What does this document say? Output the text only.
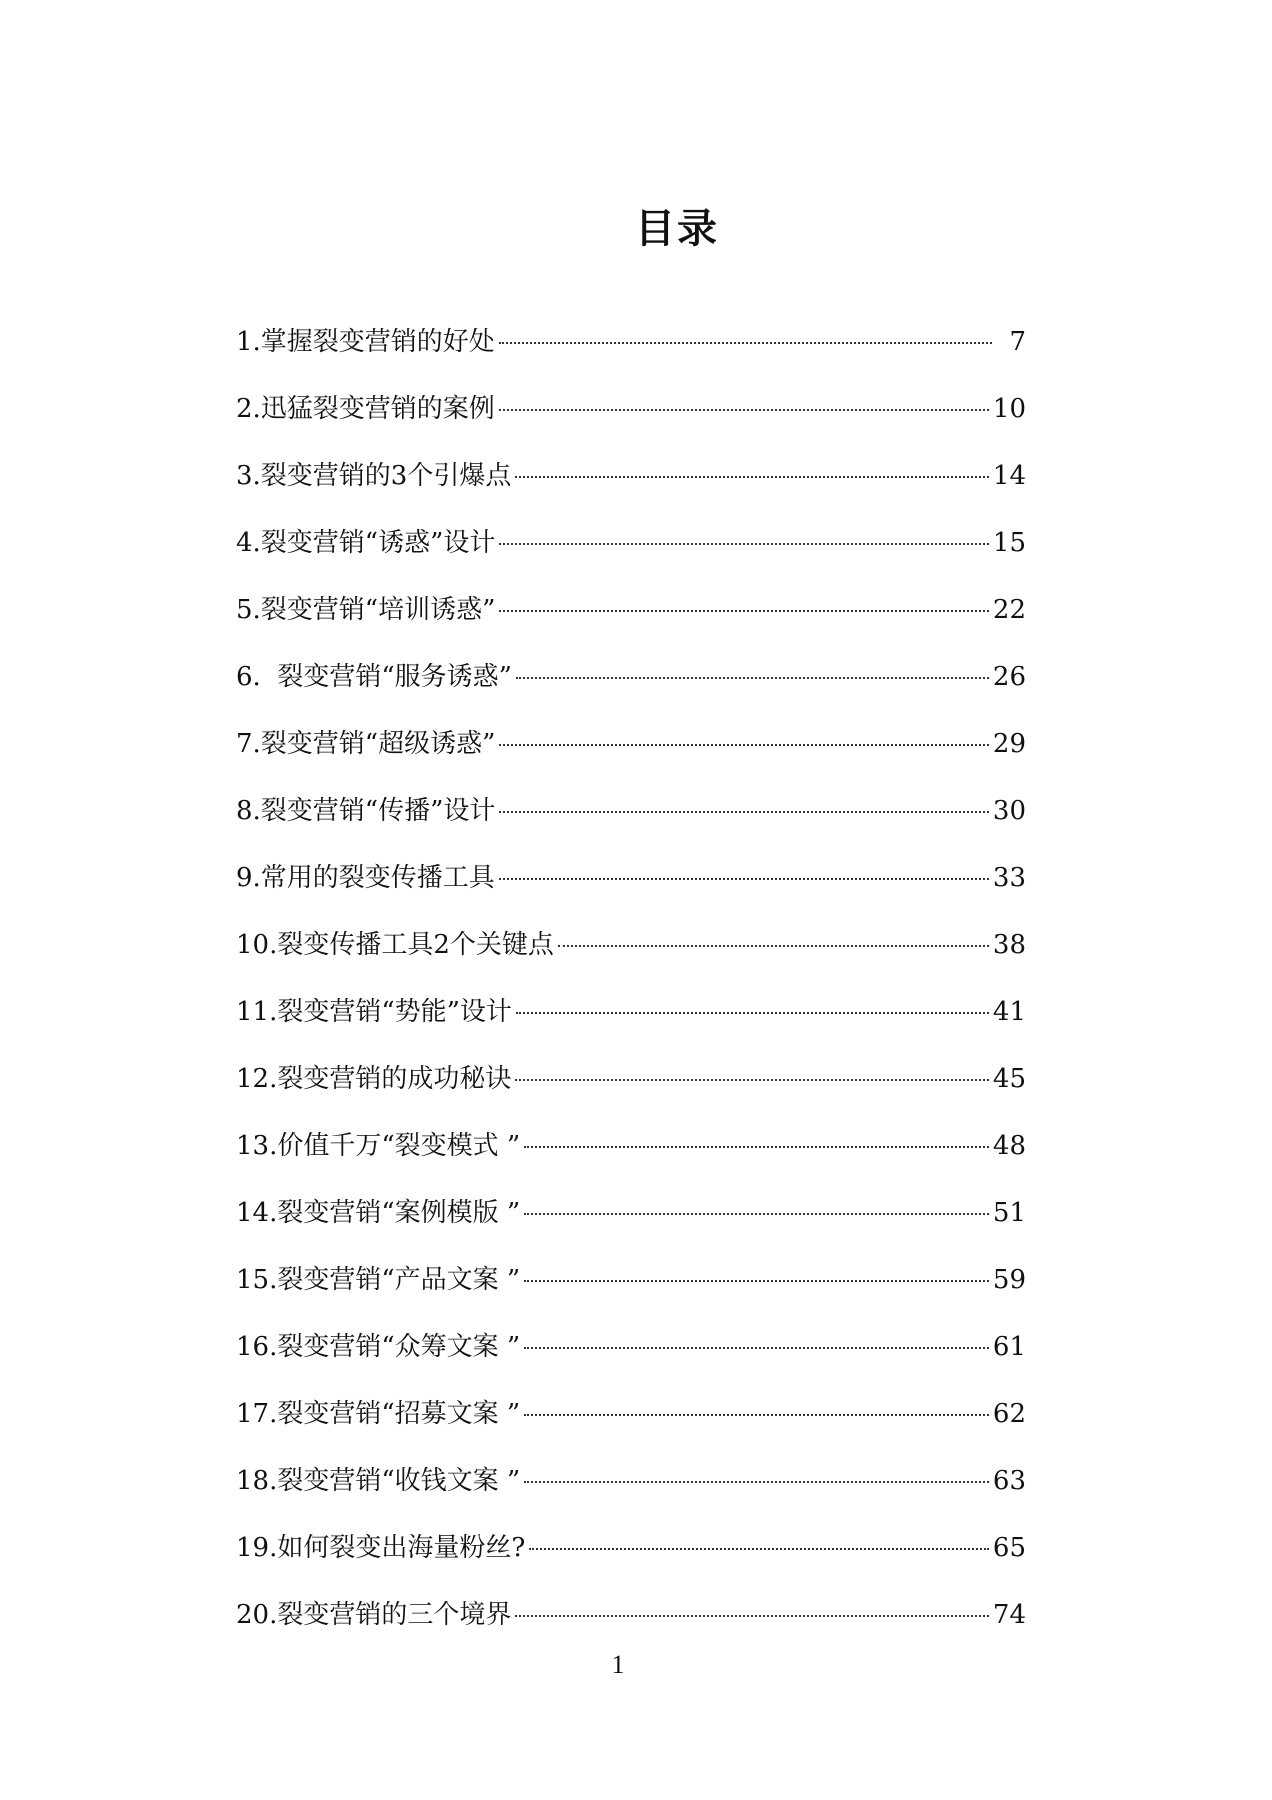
目录
1.掌握裂变营销的好处	7
2.迅猛裂变营销的案例	10
3.裂变营销的3个引爆点	14
4.裂变营销“诱惑”设计	15
5.裂变营销“培训诱惑”	22
6.  裂变营销“服务诱惑”	26
7.裂变营销“超级诱惑”	29
8.裂变营销“传播”设计	30
9.常用的裂变传播工具	33
10.裂变传播工具2个关键点	38
11.裂变营销“势能”设计	41
12.裂变营销的成功秘诀	45
13.价值千万“裂变模式 ”	48
14.裂变营销“案例模版 ”	51
15.裂变营销“产品文案 ”	59
16.裂变营销“众筹文案 ”	61
17.裂变营销“招募文案 ”	62
18.裂变营销“收钱文案 ”	63
19.如何裂变出海量粉丝?	65
20.裂变营销的三个境界	74
1
